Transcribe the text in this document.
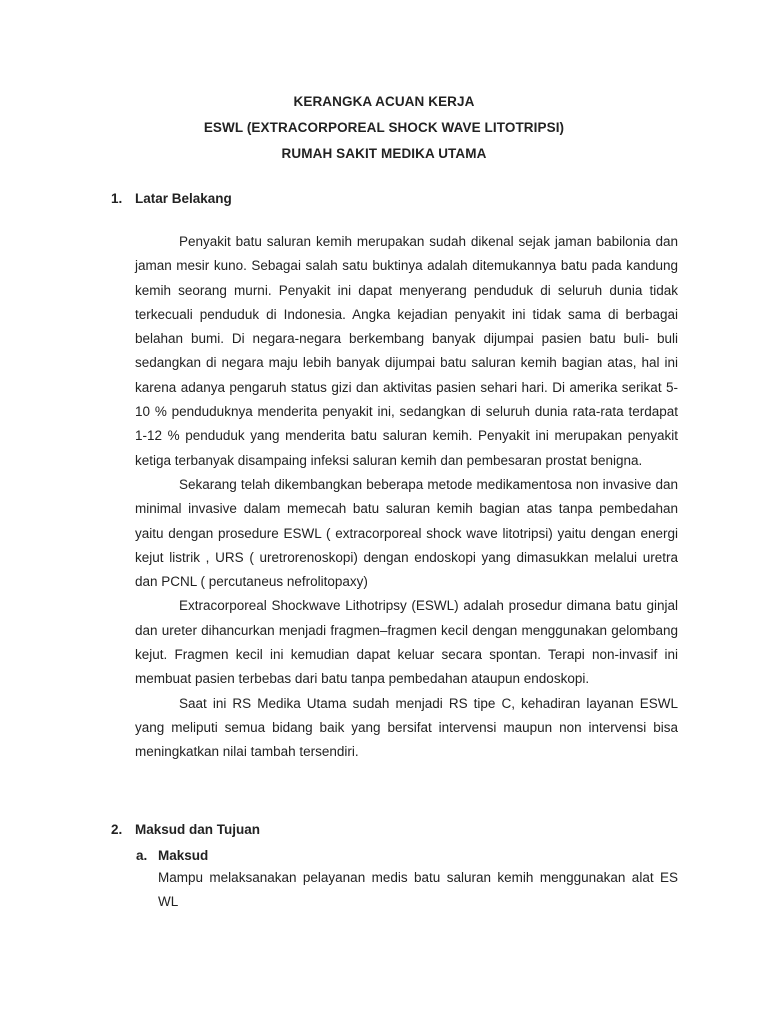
KERANGKA ACUAN KERJA
ESWL (EXTRACORPOREAL SHOCK WAVE LITOTRIPSI)
RUMAH SAKIT MEDIKA UTAMA
1. Latar Belakang

Penyakit batu saluran kemih merupakan sudah dikenal sejak jaman babilonia dan jaman mesir kuno. Sebagai salah satu buktinya adalah ditemukannya batu pada kandung kemih seorang murni. Penyakit ini dapat menyerang penduduk di seluruh dunia tidak terkecuali penduduk di Indonesia. Angka kejadian penyakit ini tidak sama di berbagai belahan bumi. Di negara-negara berkembang banyak dijumpai pasien batu buli- buli sedangkan di negara maju lebih banyak dijumpai batu saluran kemih bagian atas, hal ini karena adanya pengaruh status gizi dan aktivitas pasien sehari hari. Di amerika serikat 5- 10 % penduduknya menderita penyakit ini, sedangkan di seluruh dunia rata-rata terdapat 1-12 % penduduk yang menderita batu saluran kemih. Penyakit ini merupakan penyakit ketiga terbanyak disampaing infeksi saluran kemih dan pembesaran prostat benigna.

Sekarang telah dikembangkan beberapa metode medikamentosa non invasive dan minimal invasive dalam memecah batu saluran kemih bagian atas tanpa pembedahan yaitu dengan prosedure ESWL ( extracorporeal shock wave litotripsi) yaitu dengan energi kejut listrik , URS ( uretrorenoskopi) dengan endoskopi yang dimasukkan melalui uretra dan PCNL ( percutaneus nefrolitopaxy)

Extracorporeal Shockwave Lithotripsy (ESWL) adalah prosedur dimana batu ginjal dan ureter dihancurkan menjadi fragmen–fragmen kecil dengan menggunakan gelombang kejut. Fragmen kecil ini kemudian dapat keluar secara spontan. Terapi non-invasif ini membuat pasien terbebas dari batu tanpa pembedahan ataupun endoskopi.

Saat ini RS Medika Utama sudah menjadi RS tipe C, kehadiran layanan ESWL yang meliputi semua bidang baik yang bersifat intervensi maupun non intervensi bisa meningkatkan nilai tambah tersendiri.

2. Maksud dan Tujuan
a. Maksud
Mampu melaksanakan pelayanan medis batu saluran kemih menggunakan alat ES WL
